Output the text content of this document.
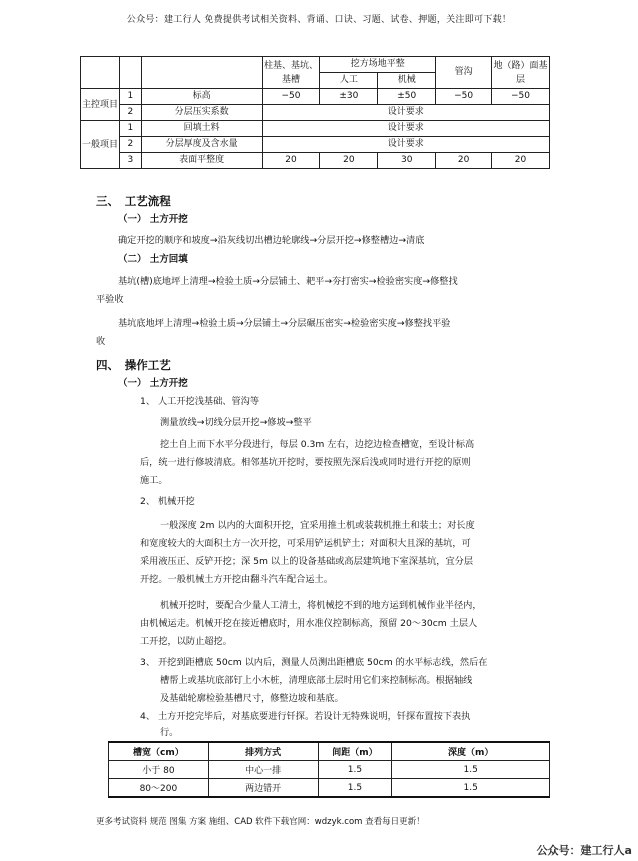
公众号：建工行人 免费提供考试相关资料、背诵、口诀、习题、试卷、押题，关注即可下载！
			柱基、基坑、基槽	挖方场地平整		管沟	地（路）面基层
				人工	机械		
主控项目	1	标高	−50	±30	±50	−50	−50
	2	分层压实系数	设计要求				
一般项目	1	回填土料	设计要求				
	2	分层厚度及含水量	设计要求				
	3	表面平整度	20	20	30	20	20
三、　工艺流程
（一） 土方开挖
确定开挖的顺序和坡度→沿灰线切出槽边轮廓线→分层开挖→修整槽边→清底
（二） 土方回填
基坑(槽)底地坪上清理→检验土质→分层铺土、耙平→夯打密实→检验密实度→修整找
平验收
基坑底地坪上清理→检验土质→分层铺土→分层碾压密实→检验密实度→修整找平验
收
四、　操作工艺
（一） 土方开挖
1、 人工开挖浅基础、管沟等
测量放线→切线分层开挖→修坡→整平
挖土自上而下水平分段进行，每层 0.3m 左右，边挖边检查槽宽，至设计标高
后，统一进行修坡清底。相邻基坑开挖时，要按照先深后浅或同时进行开挖的原则
施工。
2、 机械开挖
一般深度 2m 以内的大面积开挖，宜采用推土机或装载机推土和装土；对长度
和宽度较大的大面积土方一次开挖，可采用铲运机铲土；对面积大且深的基坑，可
采用液压正、反铲开挖；深 5m 以上的设备基础或高层建筑地下室深基坑，宜分层
开挖。一般机械土方开挖由翻斗汽车配合运土。
机械开挖时，要配合少量人工清土，将机械挖不到的地方运到机械作业半径内，
由机械运走。机械开挖在接近槽底时，用水准仪控制标高，预留 20～30cm 土层人
工开挖，以防止超挖。
3、 开挖到距槽底 50cm 以内后，测量人员测出距槽底 50cm 的水平标志线，然后在
槽帮上或基坑底部钉上小木桩，清理底部土层时用它们来控制标高。根据轴线
及基础轮廓检验基槽尺寸，修整边坡和基底。
4、 土方开挖完毕后，对基底要进行钎探。若设计无特殊说明，钎探布置按下表执
行。
槽宽（cm）	排列方式	间距（m）	深度（m）
小于 80	中心一排	1.5	1.5
80～200	两边错开	1.5	1.5
更多考试资料 规范 图集 方案 施组、CAD 软件下载官网：wdzyk.com 查看每日更新！
公众号：建工行人a
